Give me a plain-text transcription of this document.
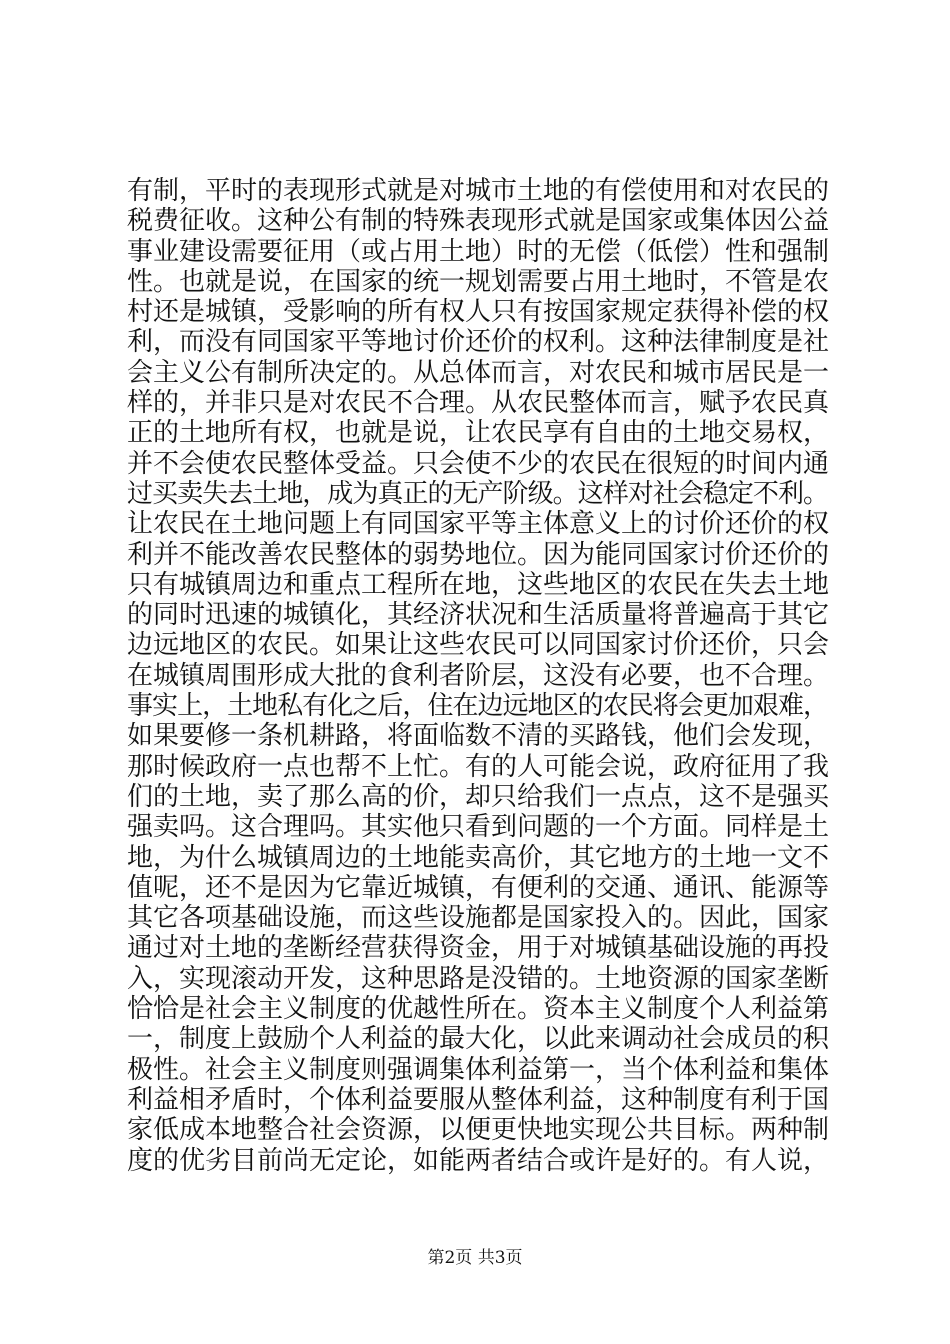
有制，平时的表现形式就是对城市土地的有偿使用和对农民的
税费征收。这种公有制的特殊表现形式就是国家或集体因公益
事业建设需要征用（或占用土地）时的无偿（低偿）性和强制
性。也就是说，在国家的统一规划需要占用土地时，不管是农
村还是城镇，受影响的所有权人只有按国家规定获得补偿的权
利，而没有同国家平等地讨价还价的权利。这种法律制度是社
会主义公有制所决定的。从总体而言，对农民和城市居民是一
样的，并非只是对农民不合理。从农民整体而言，赋予农民真
正的土地所有权，也就是说，让农民享有自由的土地交易权，
并不会使农民整体受益。只会使不少的农民在很短的时间内通
过买卖失去土地，成为真正的无产阶级。这样对社会稳定不利。
让农民在土地问题上有同国家平等主体意义上的讨价还价的权
利并不能改善农民整体的弱势地位。因为能同国家讨价还价的
只有城镇周边和重点工程所在地，这些地区的农民在失去土地
的同时迅速的城镇化，其经济状况和生活质量将普遍高于其它
边远地区的农民。如果让这些农民可以同国家讨价还价，只会
在城镇周围形成大批的食利者阶层，这没有必要，也不合理。
事实上，土地私有化之后，住在边远地区的农民将会更加艰难，
如果要修一条机耕路，将面临数不清的买路钱，他们会发现，
那时候政府一点也帮不上忙。有的人可能会说，政府征用了我
们的土地，卖了那么高的价，却只给我们一点点，这不是强买
强卖吗。这合理吗。其实他只看到问题的一个方面。同样是土
地，为什么城镇周边的土地能卖高价，其它地方的土地一文不
值呢，还不是因为它靠近城镇，有便利的交通、通讯、能源等
其它各项基础设施，而这些设施都是国家投入的。因此，国家
通过对土地的垄断经营获得资金，用于对城镇基础设施的再投
入，实现滚动开发，这种思路是没错的。土地资源的国家垄断
恰恰是社会主义制度的优越性所在。资本主义制度个人利益第
一，制度上鼓励个人利益的最大化，以此来调动社会成员的积
极性。社会主义制度则强调集体利益第一，当个体利益和集体
利益相矛盾时，个体利益要服从整体利益，这种制度有利于国
家低成本地整合社会资源，以便更快地实现公共目标。两种制
度的优劣目前尚无定论，如能两者结合或许是好的。有人说，
第2页 共3页
